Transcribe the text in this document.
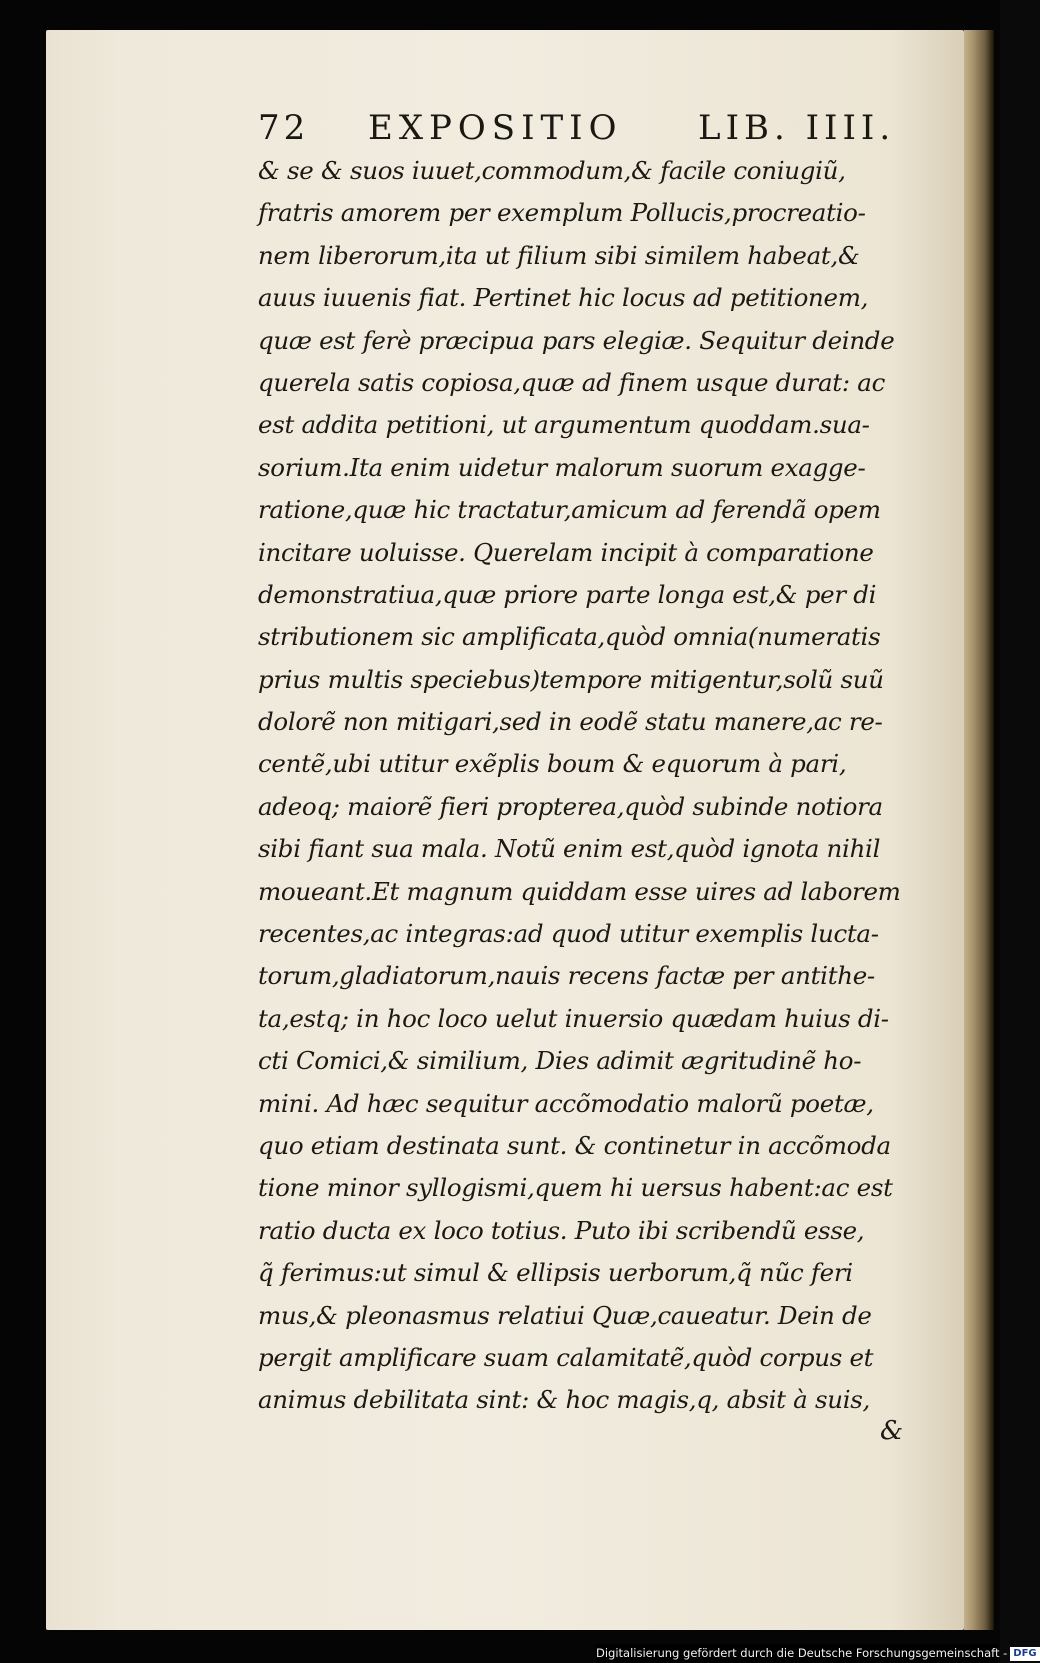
72 EXPOSITIO LIB. IIII.
& se & suos iuuet,commodum,& facile coniugiũ,
fratris amorem per exemplum Pollucis,procreatio-
nem liberorum,ita ut filium sibi similem habeat,&
auus iuuenis fiat. Pertinet hic locus ad petitionem,
quæ est ferè præcipua pars elegiæ. Sequitur deinde
querela satis copiosa,quæ ad finem usque durat: ac
est addita petitioni, ut argumentum quoddam.sua-
sorium.Ita enim uidetur malorum suorum exagge-
ratione,quæ hic tractatur,amicum ad ferendã opem
incitare uoluisse. Querelam incipit à comparatione
demonstratiua,quæ priore parte longa est,& per di
stributionem sic amplificata,quòd omnia(numeratis
prius multis speciebus)tempore mitigentur,solũ suũ
dolorẽ non mitigari,sed in eodẽ statu manere,ac re-
centẽ,ubi utitur exẽplis boum & equorum à pari,
adeoq; maiorẽ fieri propterea,quòd subinde notiora
sibi fiant sua mala. Notũ enim est,quòd ignota nihil
moueant.Et magnum quiddam esse uires ad laborem
recentes,ac integras:ad quod utitur exemplis lucta-
torum,gladiatorum,nauis recens factæ per antithe-
ta,estq; in hoc loco uelut inuersio quædam huius di-
cti Comici,& similium, Dies adimit ægritudinẽ ho-
mini. Ad hæc sequitur accõmodatio malorũ poetæ,
quo etiam destinata sunt. & continetur in accõmoda
tione minor syllogismi,quem hi uersus habent:ac est
ratio ducta ex loco totius. Puto ibi scribendũ esse,
q̃ ferimus:ut simul & ellipsis uerborum,q̃ nũc feri
mus,& pleonasmus relatiui Quæ,caueatur. Dein de
pergit amplificare suam calamitatẽ,quòd corpus et
animus debilitata sint: & hoc magis,q, absit à suis,
&
Digitalisierung gefördert durch die Deutsche Forschungsgemeinschaft - DFG
